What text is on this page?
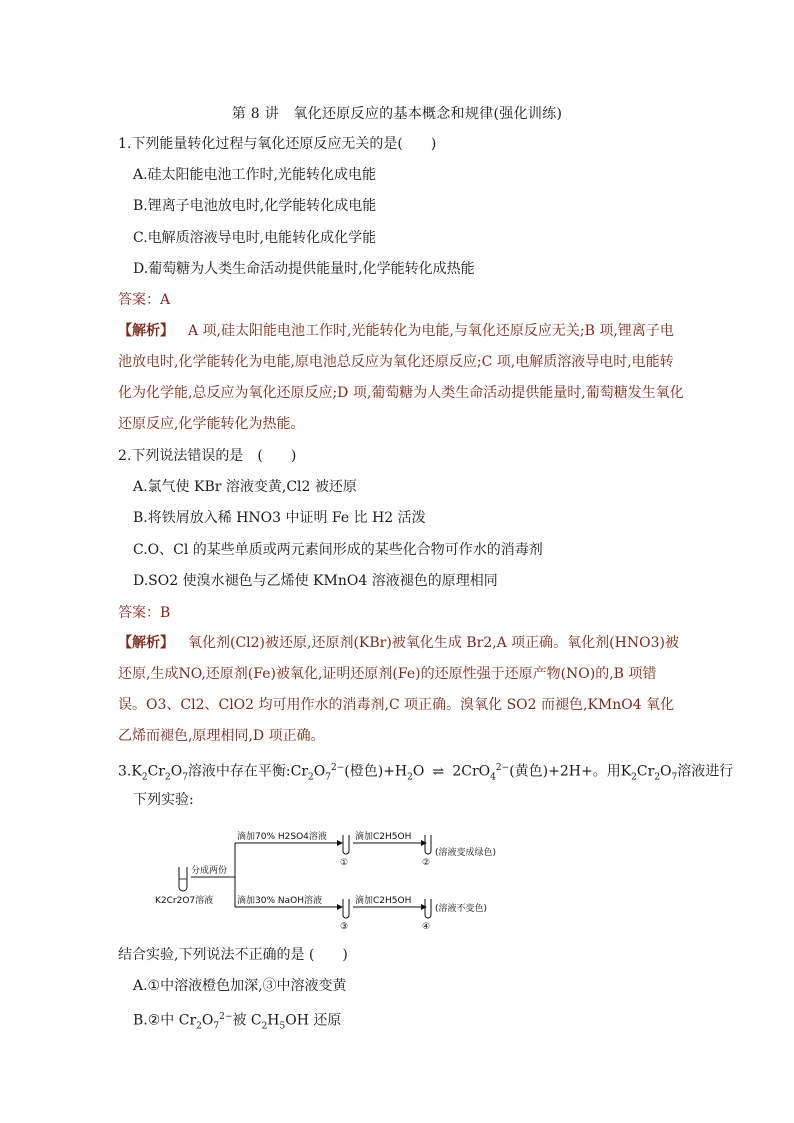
第 8 讲　氧化还原反应的基本概念和规律(强化训练)
1.下列能量转化过程与氧化还原反应无关的是(　　)
A.硅太阳能电池工作时,光能转化成电能
B.锂离子电池放电时,化学能转化成电能
C.电解质溶液导电时,电能转化成化学能
D.葡萄糖为人类生命活动提供能量时,化学能转化成热能
答案：A
【解析】 A 项,硅太阳能电池工作时,光能转化为电能,与氧化还原反应无关;B 项,锂离子电池放电时,化学能转化为电能,原电池总反应为氧化还原反应;C 项,电解质溶液导电时,电能转化为化学能,总反应为氧化还原反应;D 项,葡萄糖为人类生命活动提供能量时,葡萄糖发生氧化还原反应,化学能转化为热能。
2.下列说法错误的是　(　　)
A.氯气使 KBr 溶液变黄,Cl2 被还原
B.将铁屑放入稀 HNO3 中证明 Fe 比 H2 活泼
C.O、Cl 的某些单质或两元素间形成的某些化合物可作水的消毒剂
D.SO2 使溴水褪色与乙烯使 KMnO4 溶液褪色的原理相同
答案：B
【解析】 氧化剂(Cl2)被还原,还原剂(KBr)被氧化生成 Br2,A 项正确。氧化剂(HNO3)被还原,生成NO,还原剂(Fe)被氧化,证明还原剂(Fe)的还原性强于还原产物(NO)的,B 项错误。O3、Cl2、ClO2 均可用作水的消毒剂,C 项正确。溴氧化 SO2 而褪色,KMnO4 氧化乙烯而褪色,原理相同,D 项正确。
$3.K_2Cr_2O_7$溶液中存在平衡$:Cr_2O_7^{2-}$(橙色)$+H_2O$ ⇌ 2CrO$_4^{2-}$(黄色)+2H+。用$K_2Cr_2O_7$溶液进行
下列实验:
K2Cr2O7溶液
分成两份
滴加70% H2SO4溶液
①
滴加C2H5OH
②
(溶液变成绿色)
滴加30% NaOH溶液
③
滴加C2H5OH
④
(溶液不变色)
结合实验,下列说法不正确的是 (　　)
A.①中溶液橙色加深,③中溶液变黄
B.②中 $Cr_2O_7^{2-}$被 $C_2H_5OH$ 还原
